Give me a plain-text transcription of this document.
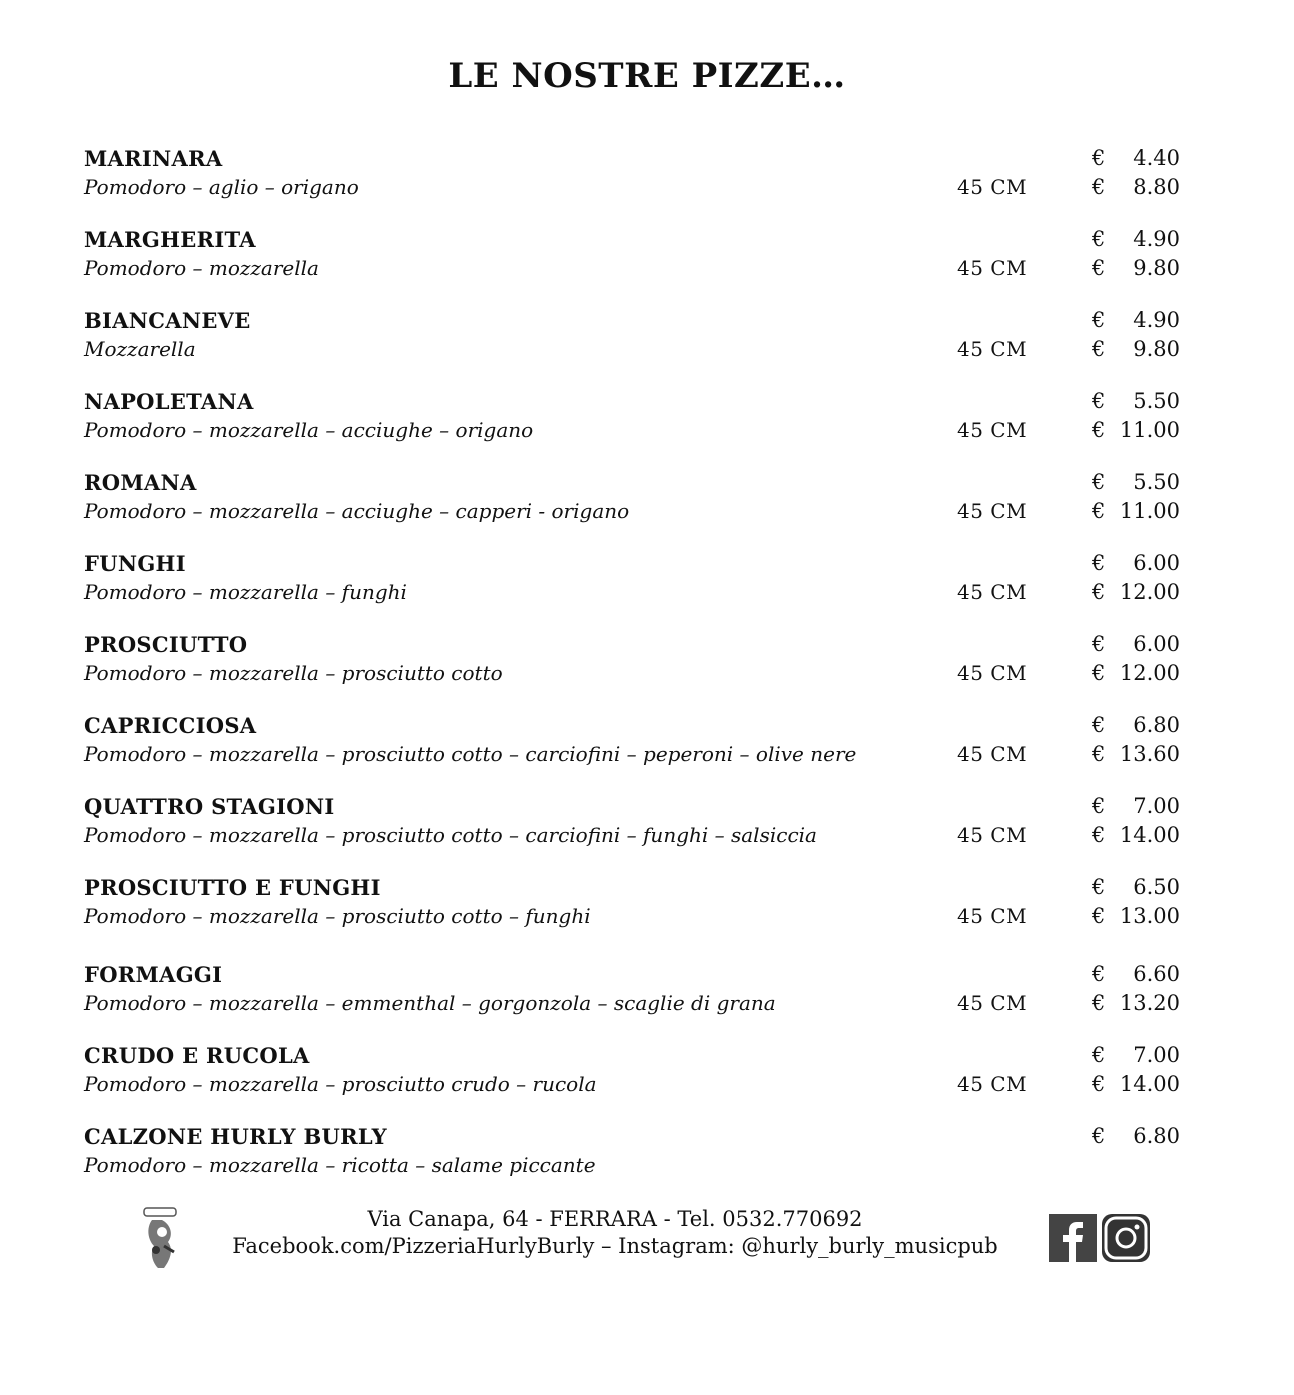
LE NOSTRE PIZZE…
MARINARA	€ 4.40
Pomodoro – aglio – origano	45 CM	€ 8.80
MARGHERITA	€ 4.90
Pomodoro – mozzarella	45 CM	€ 9.80
BIANCANEVE	€ 4.90
Mozzarella	45 CM	€ 9.80
NAPOLETANA	€ 5.50
Pomodoro – mozzarella – acciughe – origano	45 CM	€ 11.00
ROMANA	€ 5.50
Pomodoro – mozzarella – acciughe – capperi - origano	45 CM	€ 11.00
FUNGHI	€ 6.00
Pomodoro – mozzarella – funghi	45 CM	€ 12.00
PROSCIUTTO	€ 6.00
Pomodoro – mozzarella – prosciutto cotto	45 CM	€ 12.00
CAPRICCIOSA	€ 6.80
Pomodoro – mozzarella – prosciutto cotto – carciofini – peperoni – olive nere	45 CM	€ 13.60
QUATTRO STAGIONI	€ 7.00
Pomodoro – mozzarella – prosciutto cotto – carciofini – funghi – salsiccia	45 CM	€ 14.00
PROSCIUTTO E FUNGHI	€ 6.50
Pomodoro – mozzarella – prosciutto cotto – funghi	45 CM	€ 13.00
FORMAGGI	€ 6.60
Pomodoro – mozzarella – emmenthal – gorgonzola – scaglie di grana	45 CM	€ 13.20
CRUDO E RUCOLA	€ 7.00
Pomodoro – mozzarella – prosciutto crudo – rucola	45 CM	€ 14.00
CALZONE HURLY BURLY	€ 6.80
Pomodoro – mozzarella – ricotta – salame piccante
Via Canapa, 64 - FERRARA - Tel. 0532.770692
Facebook.com/PizzeriaHurlyBurly – Instagram: @hurly_burly_musicpub
